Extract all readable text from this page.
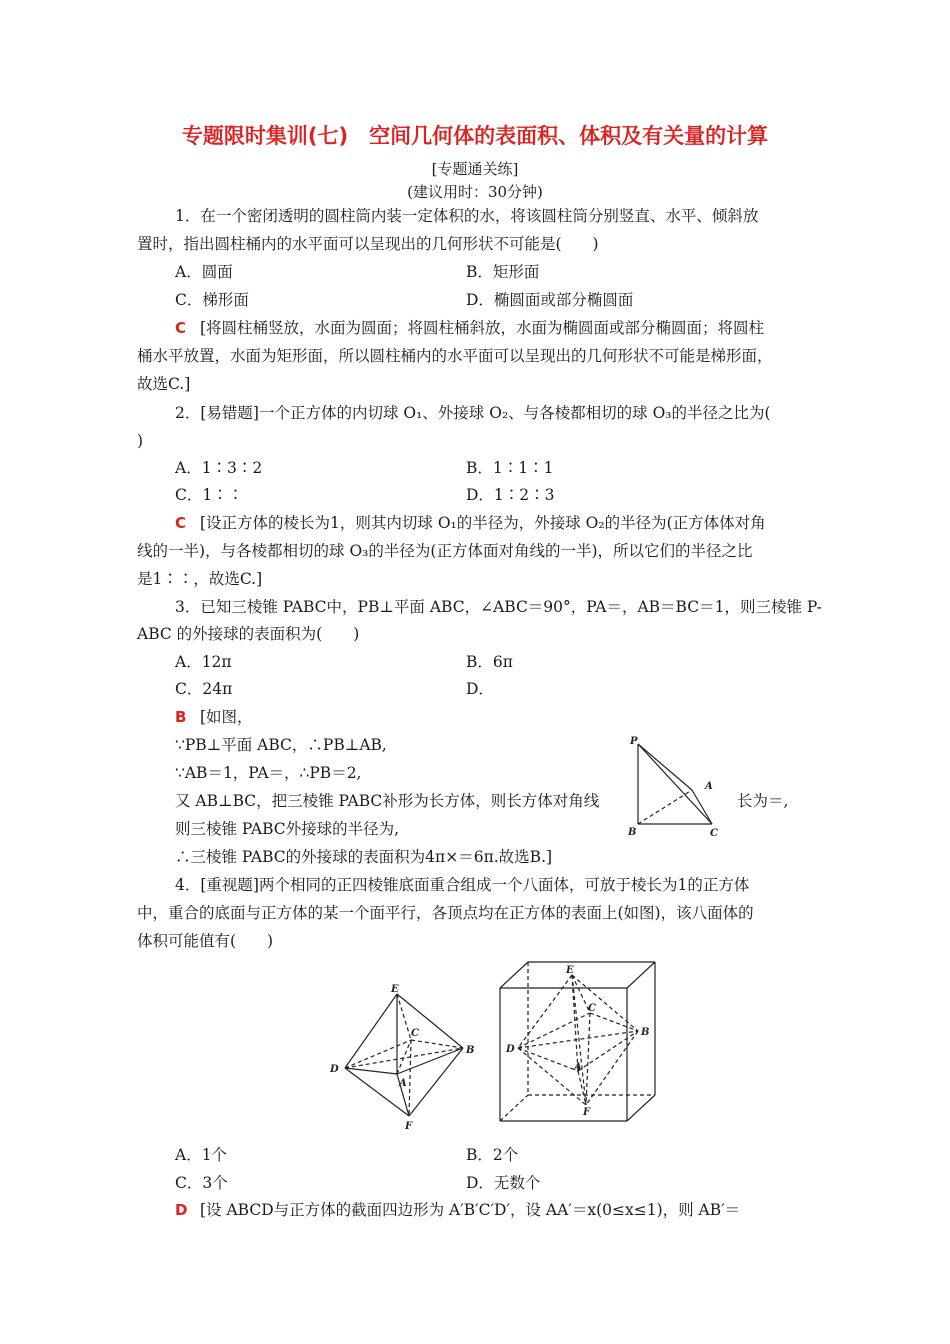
专题限时集训(七)　空间几何体的表面积、体积及有关量的计算
[专题通关练]
(建议用时：30分钟)
1．在一个密闭透明的圆柱筒内装一定体积的水，将该圆柱筒分别竖直、水平、倾斜放
置时，指出圆柱桶内的水平面可以呈现出的几何形状不可能是(　　)
A．圆面	B．矩形面
C．梯形面	D．椭圆面或部分椭圆面
C [将圆柱桶竖放，水面为圆面；将圆柱桶斜放，水面为椭圆面或部分椭圆面；将圆柱
桶水平放置，水面为矩形面，所以圆柱桶内的水平面可以呈现出的几何形状不可能是梯形面，
故选C.]
2．[易错题]一个正方体的内切球 O₁、外接球 O₂、与各棱都相切的球 O₃的半径之比为(
)
A．1∶3∶2	B．1∶1∶1
C．1∶∶	D．1∶2∶3
C [设正方体的棱长为1，则其内切球 O₁的半径为，外接球 O₂的半径为(正方体体对角
线的一半)，与各棱都相切的球 O₃的半径为(正方体面对角线的一半)，所以它们的半径之比
是1∶∶，故选C.]
3．已知三棱锥 PABC中，PB⊥平面 ABC，∠ABC＝90°，PA＝，AB＝BC＝1，则三棱锥 P-
ABC 的外接球的表面积为(　　)
A．12π	B．6π
C．24π	D．
B [如图，
∵PB⊥平面 ABC，∴PB⊥AB,
∵AB＝1，PA＝，∴PB＝2,
又 AB⊥BC，把三棱锥 PABC补形为长方体，则长方体对角线	长为＝,
则三棱锥 PABC外接球的半径为,
∴三棱锥 PABC的外接球的表面积为4π×＝6π.故选B.]
P
A
B	C
4．[重视题]两个相同的正四棱锥底面重合组成一个八面体，可放于棱长为1的正方体
中，重合的底面与正方体的某一个面平行，各顶点均在正方体的表面上(如图)，该八面体的
体积可能值有(　　)
E
C
D
B
A
F
E
C
D
B
A
F
A．1个	B．2个
C．3个	D．无数个
D [设 ABCD与正方体的截面四边形为 A′B′C′D′，设 AA′＝x(0≤x≤1)，则 AB′＝
